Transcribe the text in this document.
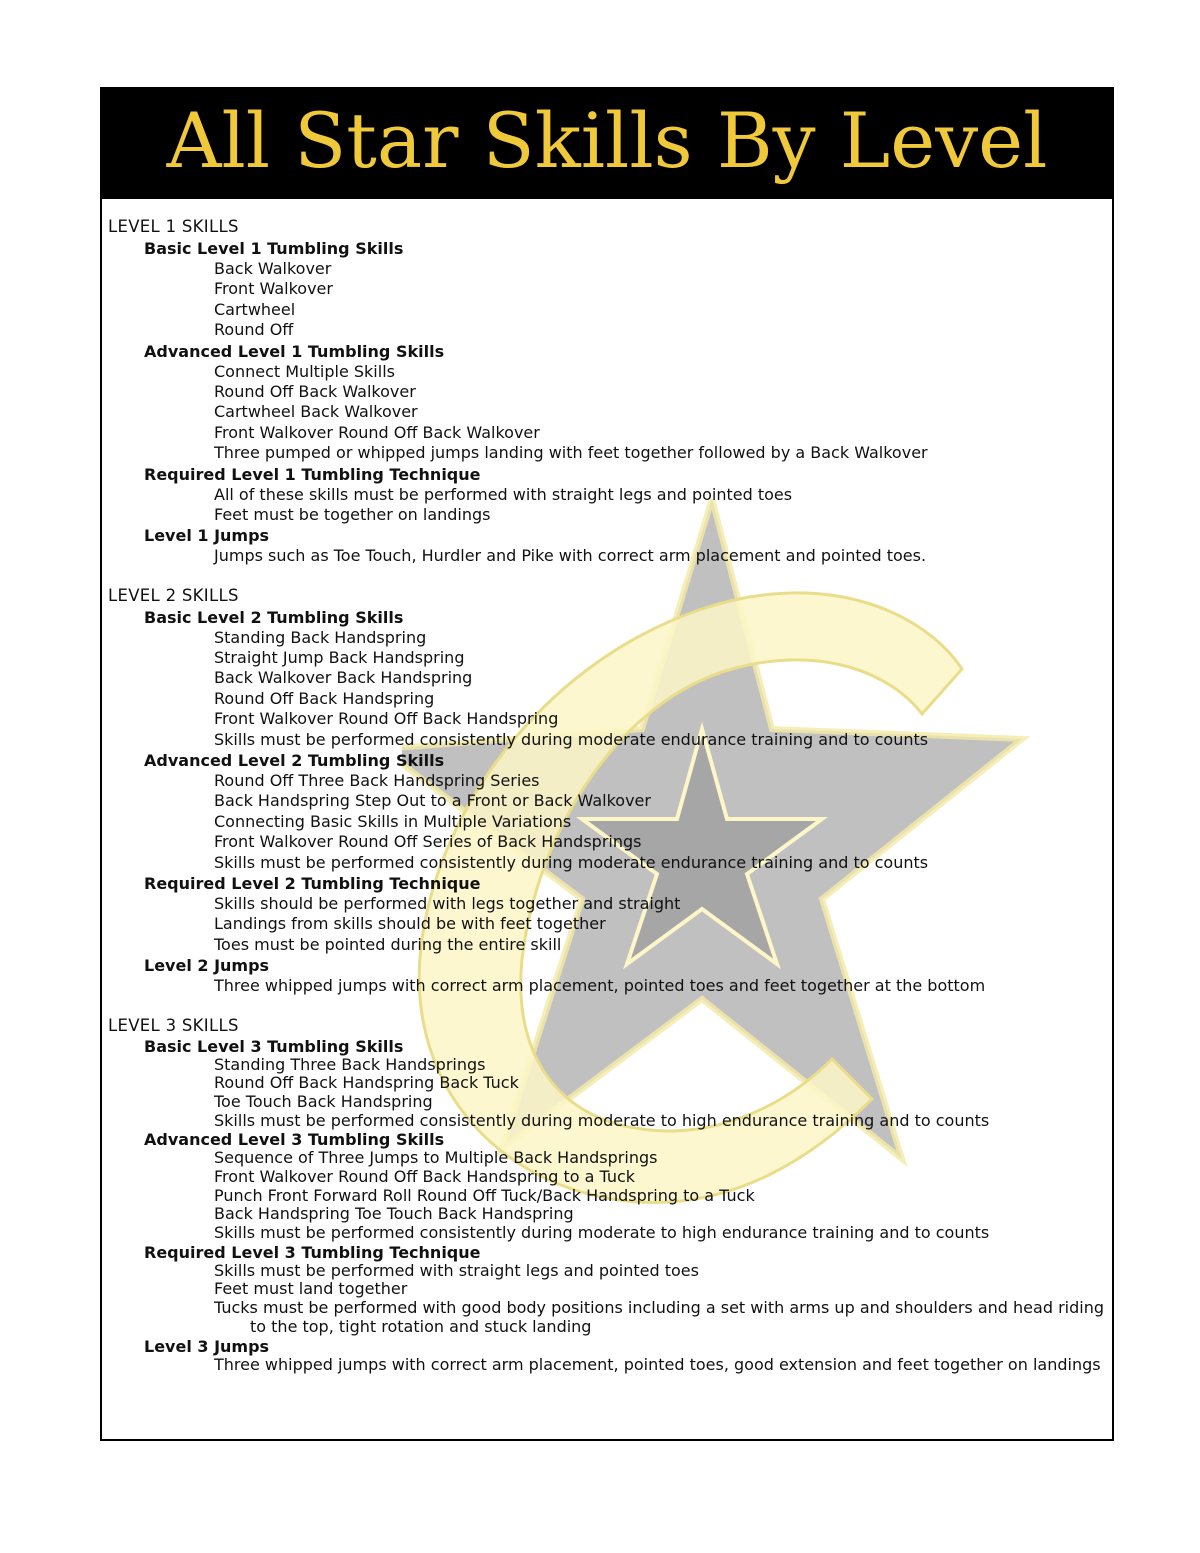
All Star Skills By Level
LEVEL 1 SKILLS
Basic Level 1 Tumbling Skills
Back Walkover
Front Walkover
Cartwheel
Round Off
Advanced Level 1 Tumbling Skills
Connect Multiple Skills
Round Off Back Walkover
Cartwheel Back Walkover
Front Walkover Round Off Back Walkover
Three pumped or whipped jumps landing with feet together followed by a Back Walkover
Required Level 1 Tumbling Technique
All of these skills must be performed with straight legs and pointed toes
Feet must be together on landings
Level 1 Jumps
Jumps such as Toe Touch, Hurdler and Pike with correct arm placement and pointed toes.
LEVEL 2 SKILLS
Basic Level 2 Tumbling Skills
Standing Back Handspring
Straight Jump Back Handspring
Back Walkover Back Handspring
Round Off Back Handspring
Front Walkover Round Off Back Handspring
Skills must be performed consistently during moderate endurance training and to counts
Advanced Level 2 Tumbling Skills
Round Off Three Back Handspring Series
Back Handspring Step Out to a Front or Back Walkover
Connecting Basic Skills in Multiple Variations
Front Walkover Round Off Series of Back Handsprings
Skills must be performed consistently during moderate endurance training and to counts
Required Level 2 Tumbling Technique
Skills should be performed with legs together and straight
Landings from skills should be with feet together
Toes must be pointed during the entire skill
Level 2 Jumps
Three whipped jumps with correct arm placement, pointed toes and feet together at the bottom
LEVEL 3 SKILLS
Basic Level 3 Tumbling Skills
Standing Three Back Handsprings
Round Off Back Handspring Back Tuck
Toe Touch Back Handspring
Skills must be performed consistently during moderate to high endurance training and to counts
Advanced Level 3 Tumbling Skills
Sequence of Three Jumps to Multiple Back Handsprings
Front Walkover Round Off Back Handspring to a Tuck
Punch Front Forward Roll Round Off Tuck/Back Handspring to a Tuck
Back Handspring Toe Touch Back Handspring
Skills must be performed consistently during moderate to high endurance training and to counts
Required Level 3 Tumbling Technique
Skills must be performed with straight legs and pointed toes
Feet must land together
Tucks must be performed with good body positions including a set with arms up and shoulders and head riding to the top, tight rotation and stuck landing
Level 3 Jumps
Three whipped jumps with correct arm placement, pointed toes, good extension and feet together on landings
